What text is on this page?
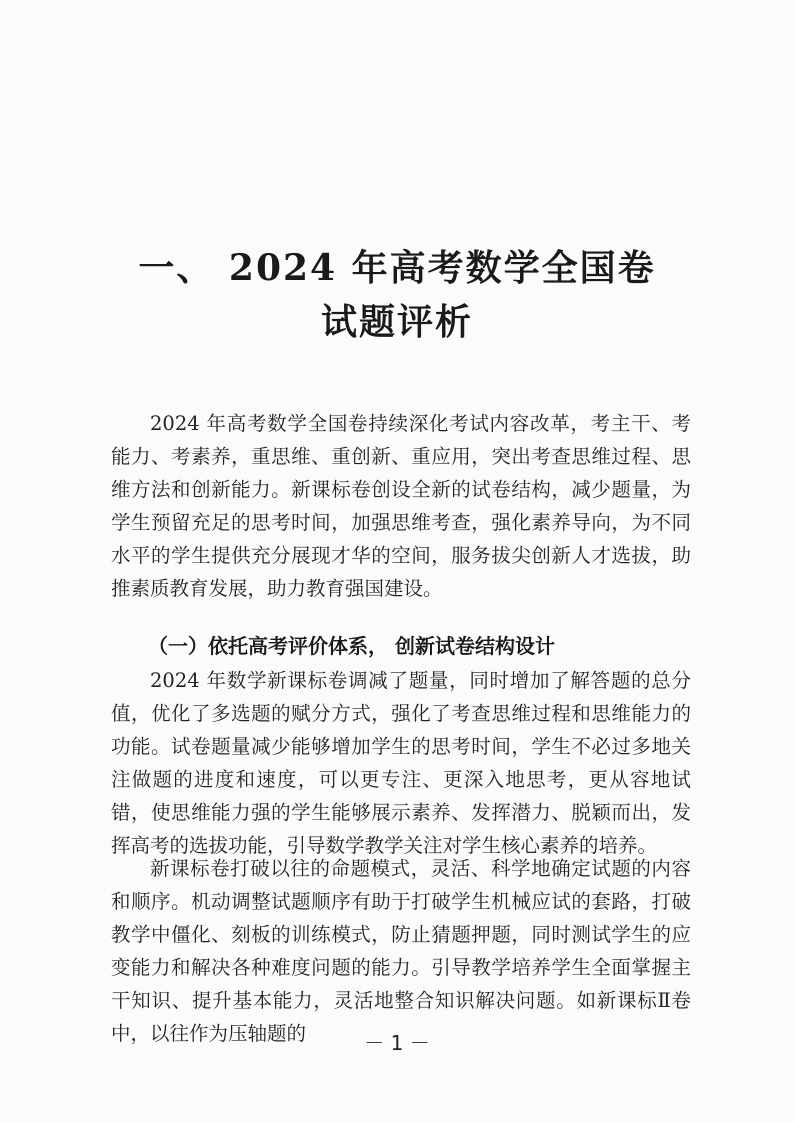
一、 2024 年高考数学全国卷
试题评析
2024 年高考数学全国卷持续深化考试内容改革，考主干、考能力、考素养，重思维、重创新、重应用，突出考查思维过程、思维方法和创新能力。新课标卷创设全新的试卷结构，减少题量，为学生预留充足的思考时间，加强思维考查，强化素养导向，为不同水平的学生提供充分展现才华的空间，服务拔尖创新人才选拔，助推素质教育发展，助力教育强国建设。
（一）依托高考评价体系， 创新试卷结构设计
2024 年数学新课标卷调减了题量，同时增加了解答题的总分值，优化了多选题的赋分方式，强化了考查思维过程和思维能力的功能。试卷题量减少能够增加学生的思考时间，学生不必过多地关注做题的进度和速度，可以更专注、更深入地思考，更从容地试错，使思维能力强的学生能够展示素养、发挥潜力、脱颖而出，发挥高考的选拔功能，引导数学教学关注对学生核心素养的培养。
新课标卷打破以往的命题模式，灵活、科学地确定试题的内容和顺序。机动调整试题顺序有助于打破学生机械应试的套路，打破教学中僵化、刻板的训练模式，防止猜题押题，同时测试学生的应变能力和解决各种难度问题的能力。引导教学培养学生全面掌握主干知识、提升基本能力，灵活地整合知识解决问题。如新课标Ⅱ卷中，以往作为压轴题的	－ 1 －
